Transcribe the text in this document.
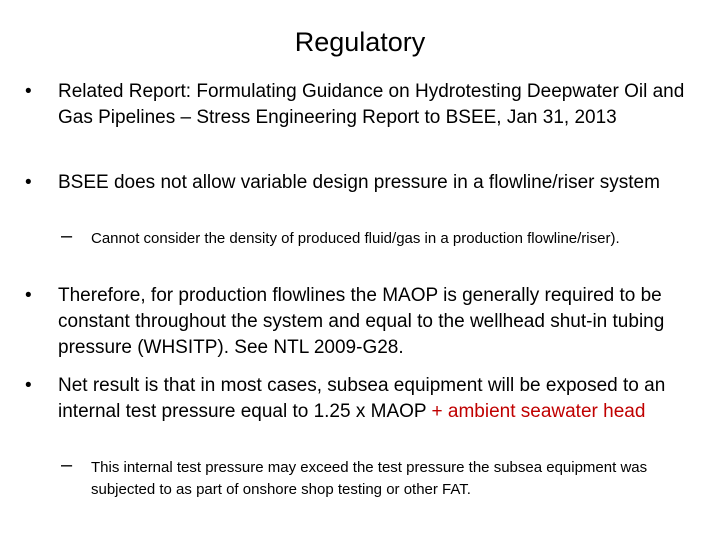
Regulatory
• Related Report: Formulating Guidance on Hydrotesting Deepwater Oil and Gas Pipelines – Stress Engineering Report to BSEE, Jan 31, 2013
• BSEE does not allow variable design pressure in a flowline/riser system
– Cannot consider the density of produced fluid/gas in a production flowline/riser).
• Therefore, for production flowlines the MAOP is generally required to be constant throughout the system and equal to the wellhead shut-in tubing pressure (WHSITP). See NTL 2009-G28.
• Net result is that in most cases, subsea equipment will be exposed to an internal test pressure equal to 1.25 x MAOP + ambient seawater head
– This internal test pressure may exceed the test pressure the subsea equipment was subjected to as part of onshore shop testing or other FAT.
